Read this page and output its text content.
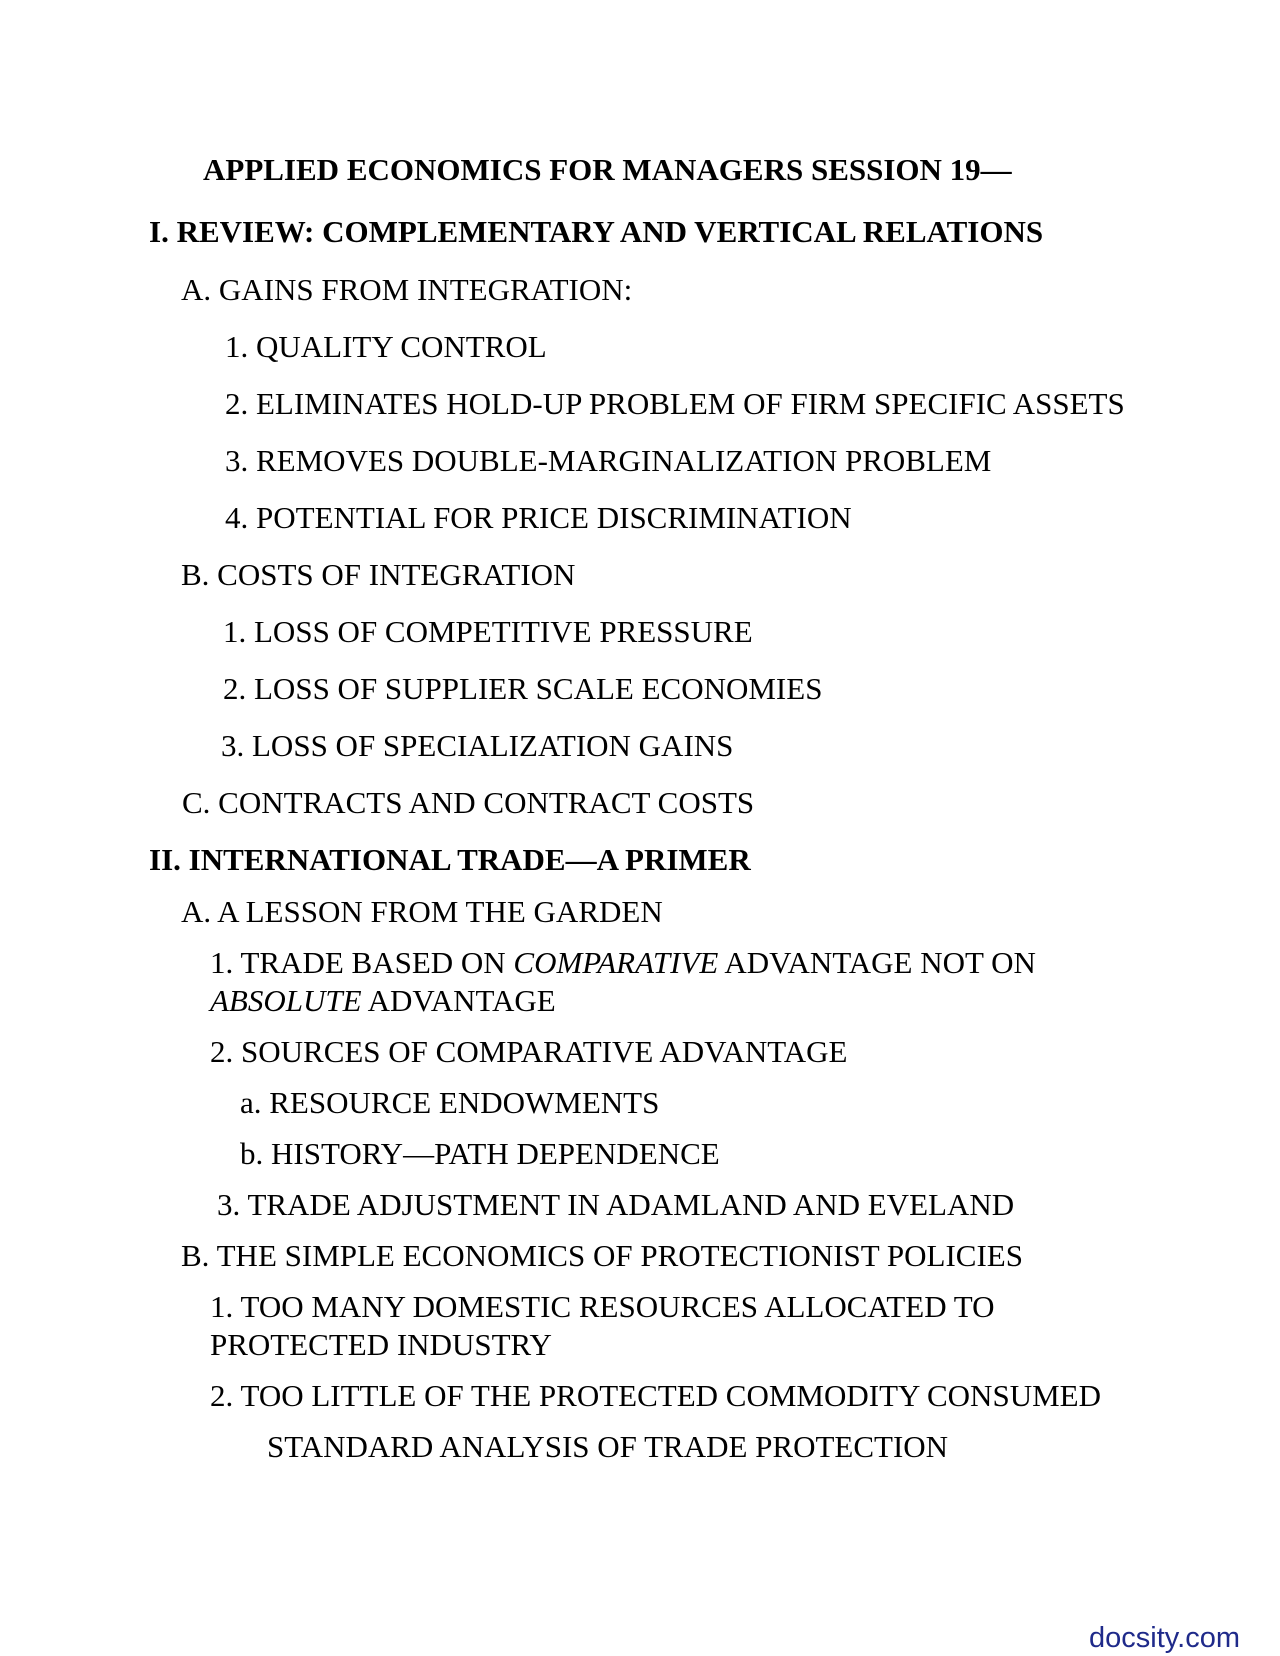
APPLIED ECONOMICS FOR MANAGERS SESSION 19—
I. REVIEW: COMPLEMENTARY AND VERTICAL RELATIONS
A. GAINS FROM INTEGRATION:
1. QUALITY CONTROL
2. ELIMINATES HOLD-UP PROBLEM OF FIRM SPECIFIC ASSETS
3. REMOVES DOUBLE-MARGINALIZATION PROBLEM
4. POTENTIAL FOR PRICE DISCRIMINATION
B. COSTS OF INTEGRATION
1. LOSS OF COMPETITIVE PRESSURE
2. LOSS OF SUPPLIER SCALE ECONOMIES
3. LOSS OF SPECIALIZATION GAINS
C. CONTRACTS AND CONTRACT COSTS
II. INTERNATIONAL TRADE—A PRIMER
A. A LESSON FROM THE GARDEN
1. TRADE BASED ON COMPARATIVE ADVANTAGE NOT ON
ABSOLUTE ADVANTAGE
2. SOURCES OF COMPARATIVE ADVANTAGE
a. RESOURCE ENDOWMENTS
b. HISTORY—PATH DEPENDENCE
3. TRADE ADJUSTMENT IN ADAMLAND AND EVELAND
B. THE SIMPLE ECONOMICS OF PROTECTIONIST POLICIES
1. TOO MANY DOMESTIC RESOURCES ALLOCATED TO
PROTECTED INDUSTRY
2. TOO LITTLE OF THE PROTECTED COMMODITY CONSUMED
STANDARD ANALYSIS OF TRADE PROTECTION
docsity.com
